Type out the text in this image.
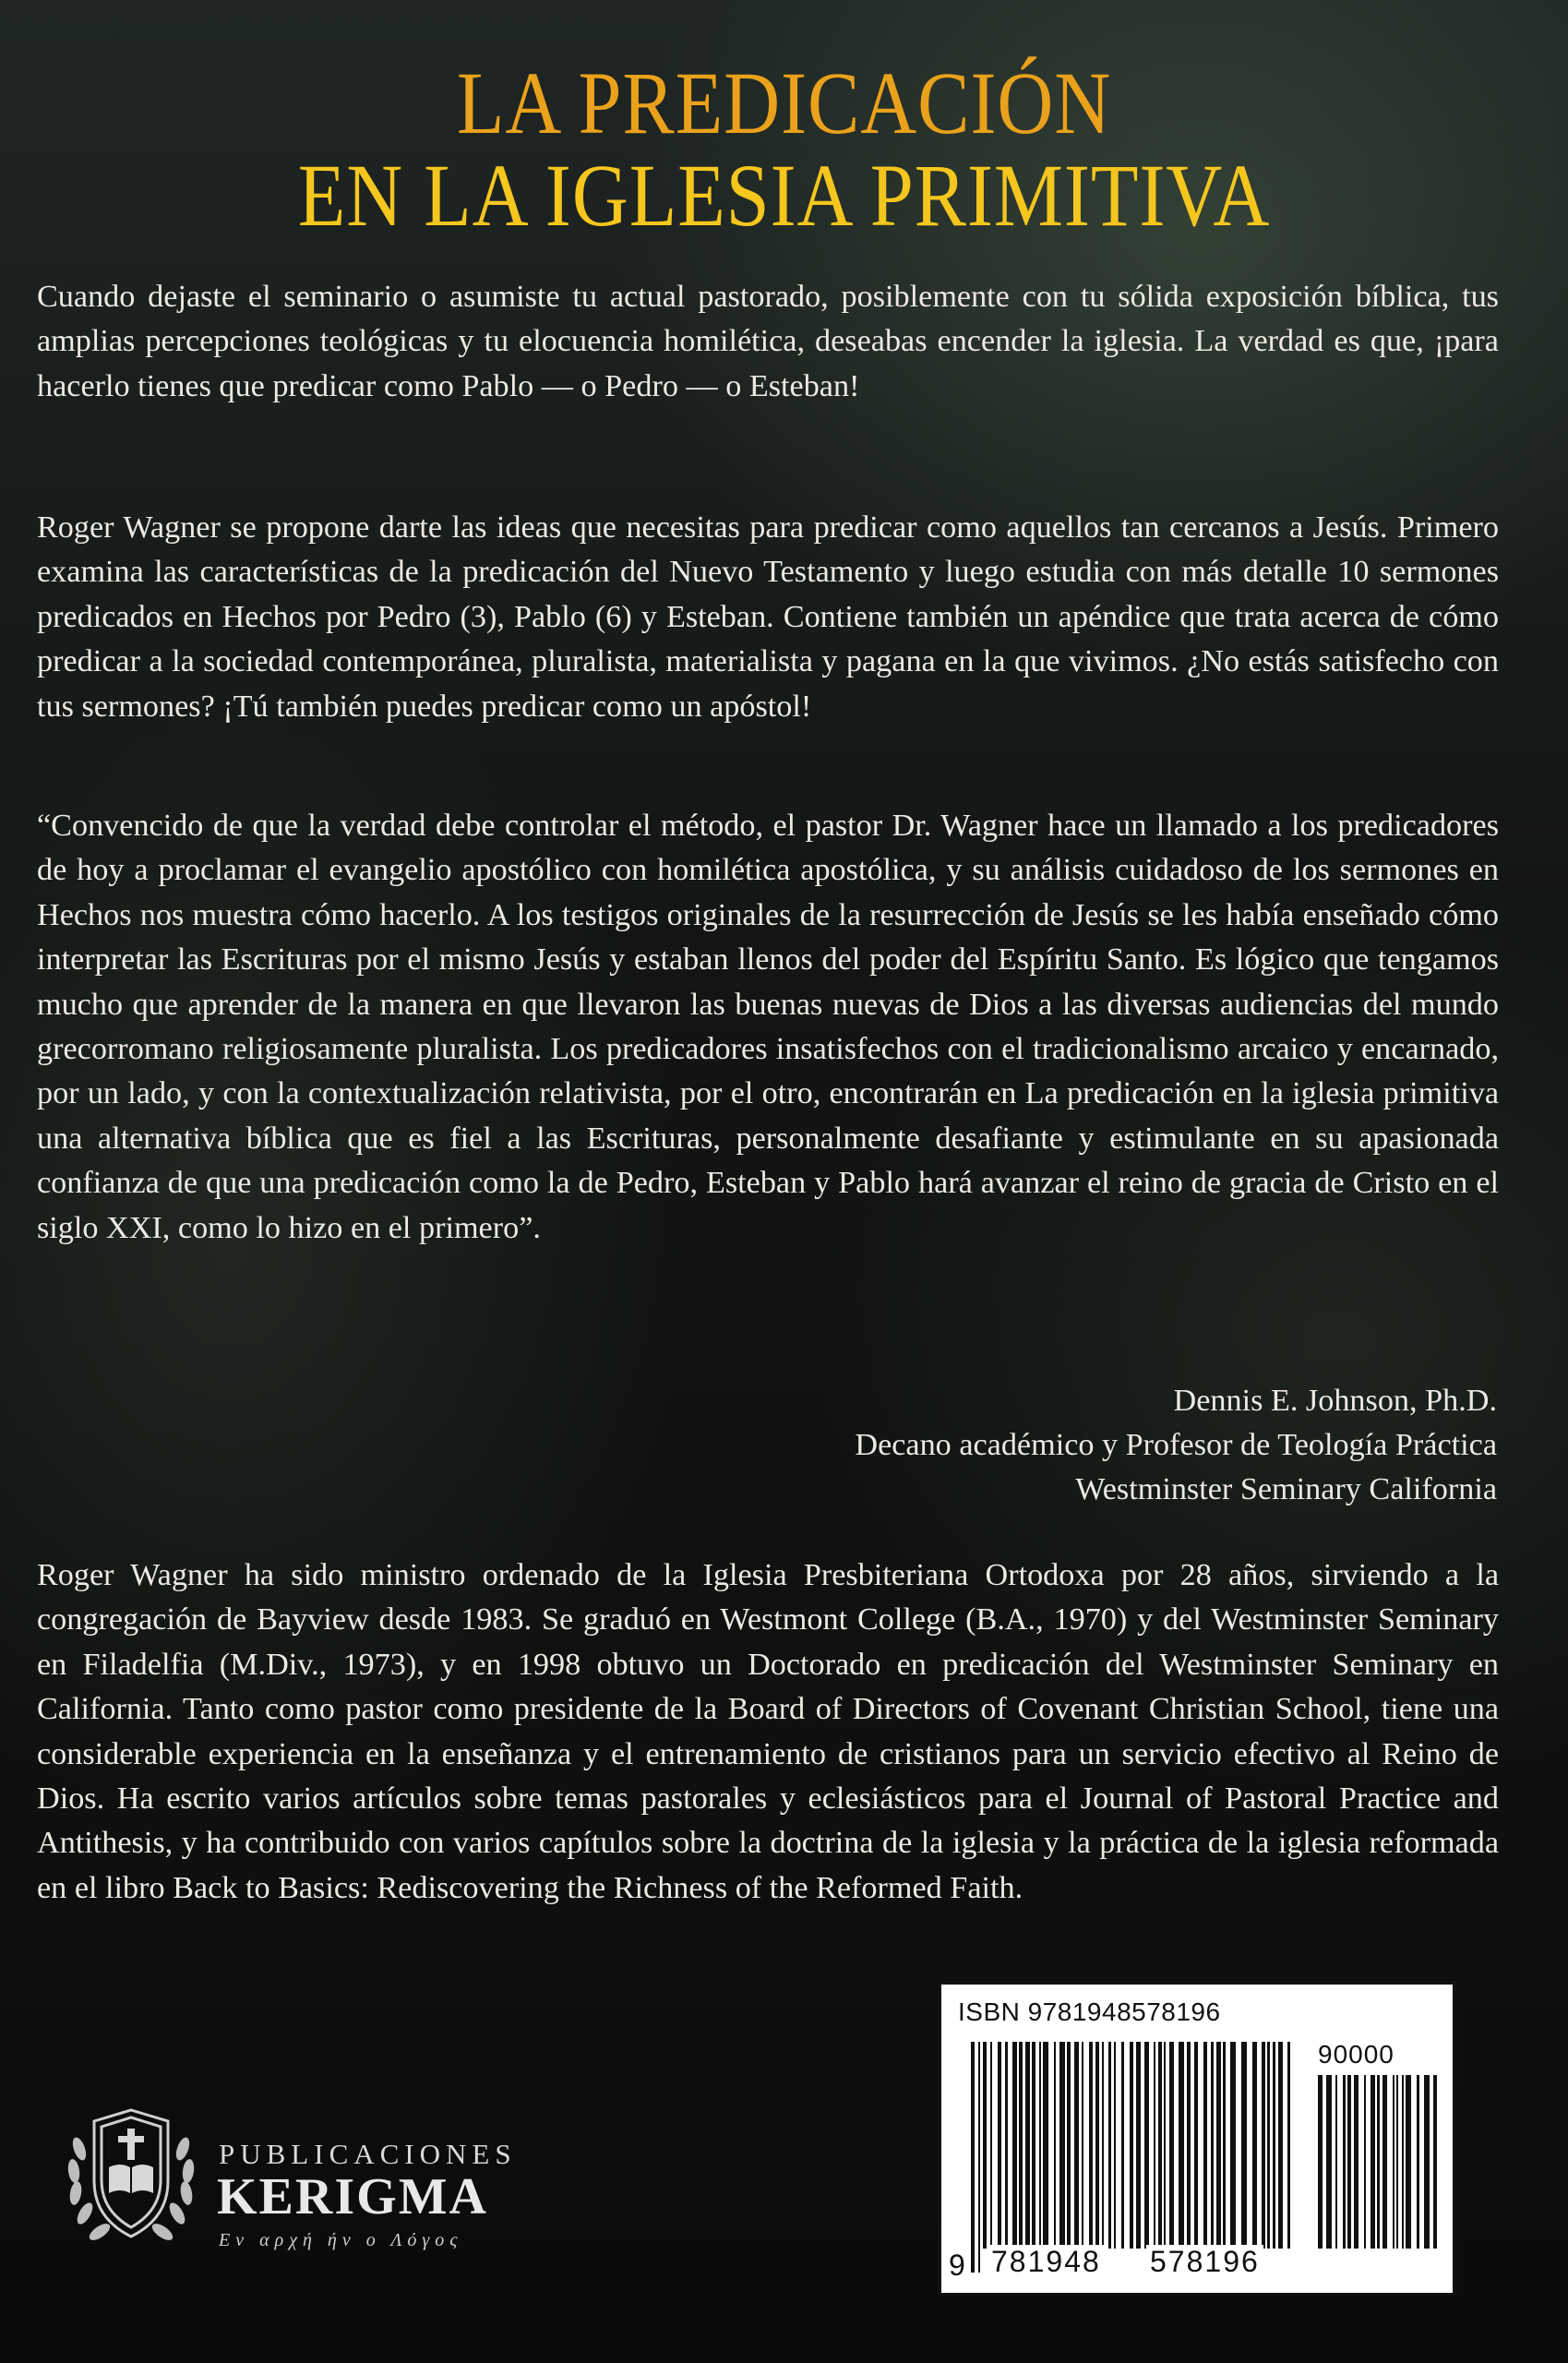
LA PREDICACIÓN
EN LA IGLESIA PRIMITIVA

Cuando dejaste el seminario o asumiste tu actual pastorado, posiblemente con tu sólida exposición bíblica, tus amplias percepciones teológicas y tu elocuencia homilética, deseabas encender la iglesia. La verdad es que, ¡para hacerlo tienes que predicar como Pablo — o Pedro — o Esteban!

Roger Wagner se propone darte las ideas que necesitas para predicar como aquellos tan cercanos a Jesús. Primero examina las características de la predicación del Nuevo Testamento y luego estudia con más detalle 10 sermones predicados en Hechos por Pedro (3), Pablo (6) y Esteban. Contiene también un apéndice que trata acerca de cómo predicar a la sociedad contemporánea, pluralista, materialista y pagana en la que vivimos. ¿No estás satisfecho con tus sermones? ¡Tú también puedes predicar como un apóstol!

“Convencido de que la verdad debe controlar el método, el pastor Dr. Wagner hace un llamado a los predicadores de hoy a proclamar el evangelio apostólico con homilética apostólica, y su análisis cuidadoso de los sermones en Hechos nos muestra cómo hacerlo. A los testigos originales de la resurrección de Jesús se les había enseñado cómo interpretar las Escrituras por el mismo Jesús y estaban llenos del poder del Espíritu Santo. Es lógico que tengamos mucho que aprender de la manera en que llevaron las buenas nuevas de Dios a las diversas audiencias del mundo grecorromano religiosamente pluralista. Los predicadores insatisfechos con el tradicionalismo arcaico y encarnado, por un lado, y con la contextualización relativista, por el otro, encontrarán en La predicación en la iglesia primitiva una alternativa bíblica que es fiel a las Escrituras, personalmente desafiante y estimulante en su apasionada confianza de que una predicación como la de Pedro, Esteban y Pablo hará avanzar el reino de gracia de Cristo en el siglo XXI, como lo hizo en el primero”.

Dennis E. Johnson, Ph.D.
Decano académico y Profesor de Teología Práctica
Westminster Seminary California

Roger Wagner ha sido ministro ordenado de la Iglesia Presbiteriana Ortodoxa por 28 años, sirviendo a la congregación de Bayview desde 1983. Se graduó en Westmont College (B.A., 1970) y del Westminster Seminary en Filadelfia (M.Div., 1973), y en 1998 obtuvo un Doctorado en predicación del Westminster Seminary en California. Tanto como pastor como presidente de la Board of Directors of Covenant Christian School, tiene una considerable experiencia en la enseñanza y el entrenamiento de cristianos para un servicio efectivo al Reino de Dios. Ha escrito varios artículos sobre temas pastorales y eclesiásticos para el Journal of Pastoral Practice and Antithesis, y ha contribuido con varios capítulos sobre la doctrina de la iglesia y la práctica de la iglesia reformada en el libro Back to Basics: Rediscovering the Richness of the Reformed Faith.

PUBLICACIONES
KERIGMA
Εν αρχή ήν ο Λόγος
ISBN 9781948578196
90000
9 781948 578196
